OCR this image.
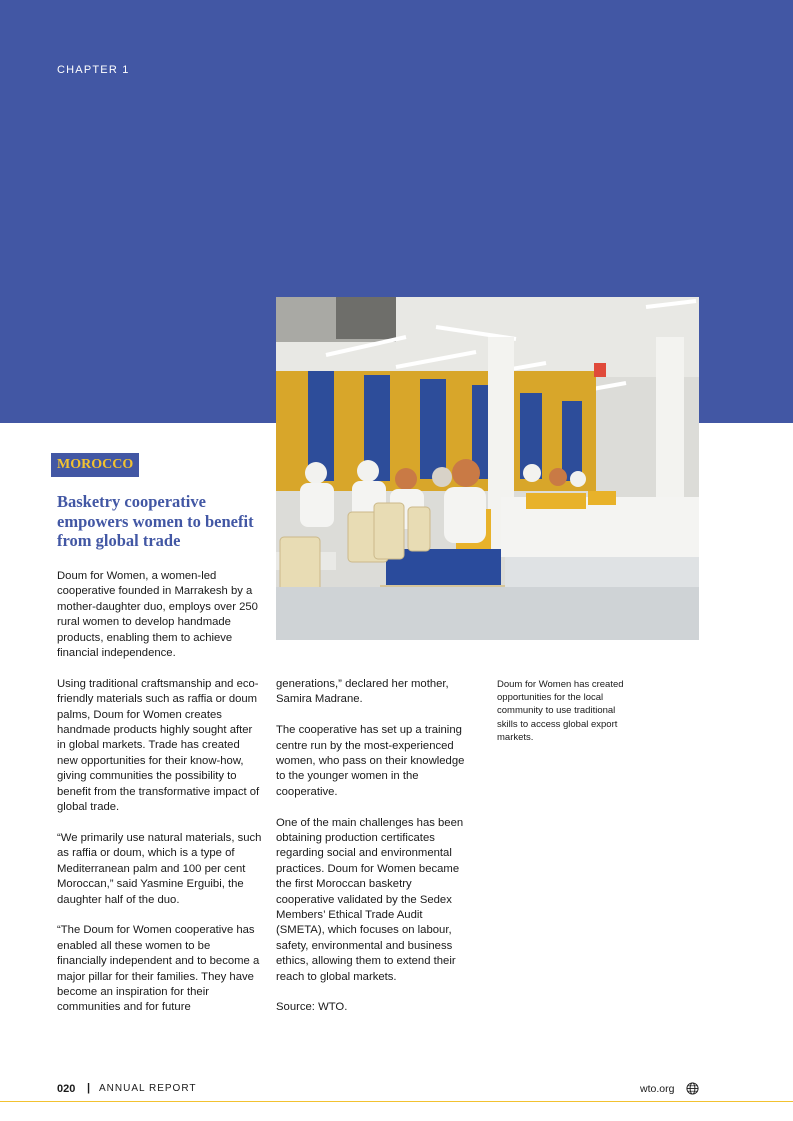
CHAPTER 1
MOROCCO
Basketry cooperative empowers women to benefit from global trade

Doum for Women, a women-led cooperative founded in Marrakesh by a mother-daughter duo, employs over 250 rural women to develop handmade products, enabling them to achieve financial independence.

Using traditional craftsmanship and eco-friendly materials such as raffia or doum palms, Doum for Women creates handmade products highly sought after in global markets. Trade has created new opportunities for their know-how, giving communities the possibility to benefit from the transformative impact of global trade.

“We primarily use natural materials, such as raffia or doum, which is a type of Mediterranean palm and 100 per cent Moroccan,” said Yasmine Erguibi, the daughter half of the duo.

“The Doum for Women cooperative has enabled all these women to be financially independent and to become a major pillar for their families. They have become an inspiration for their communities and for future

generations,” declared her mother, Samira Madrane.

The cooperative has set up a training centre run by the most-experienced women, who pass on their knowledge to the younger women in the cooperative.

One of the main challenges has been obtaining production certificates regarding social and environmental practices. Doum for Women became the first Moroccan basketry cooperative validated by the Sedex Members’ Ethical Trade Audit (SMETA), which focuses on labour, safety, environmental and business ethics, allowing them to extend their reach to global markets.

Source: WTO.

Doum for Women has created opportunities for the local community to use traditional skills to access global export markets.
020 | ANNUAL REPORT	wto.org
